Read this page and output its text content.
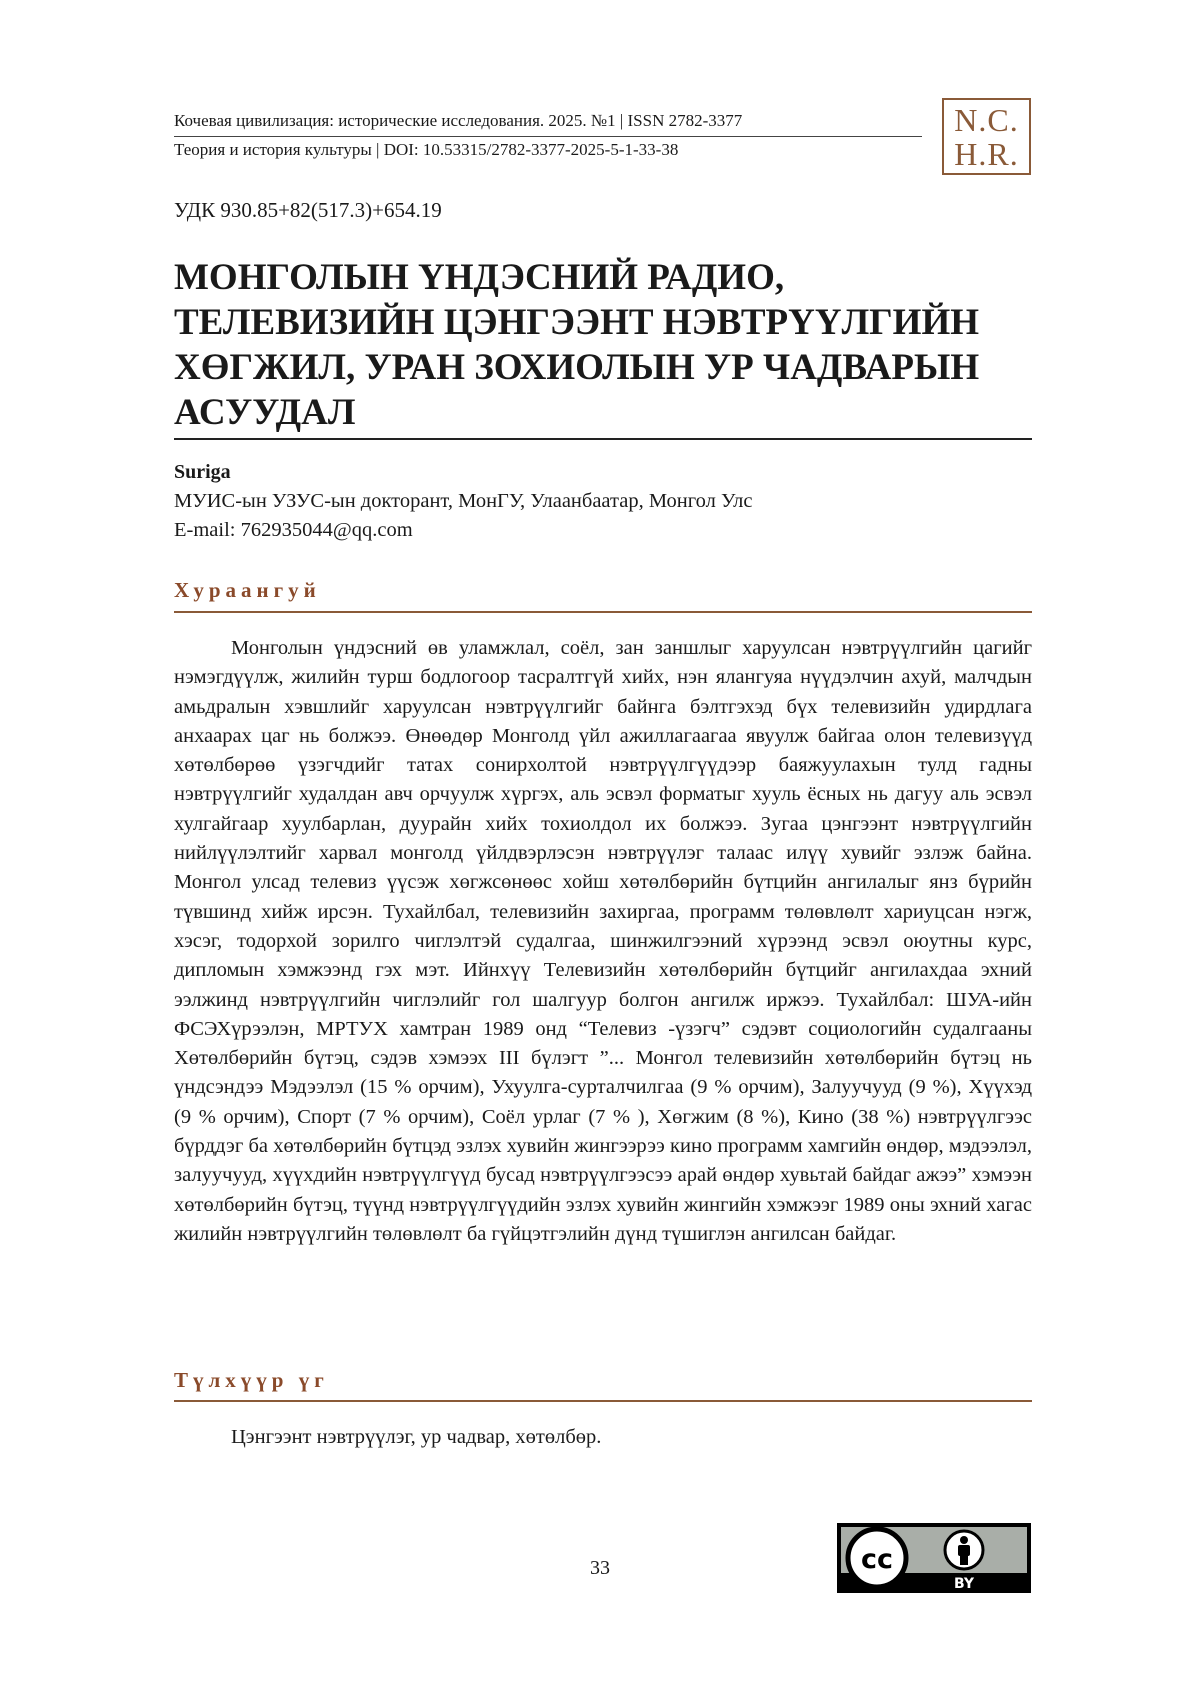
Кочевая цивилизация: исторические исследования. 2025. №1 | ISSN 2782-3377
Теория и история культуры | DOI: 10.53315/2782-3377-2025-5-1-33-38
N.C.
H.R.
УДК 930.85+82(517.3)+654.19
МОНГОЛЫН ҮНДЭСНИЙ РАДИО, ТЕЛЕВИЗИЙН ЦЭНГЭЭНТ НЭВТРҮҮЛГИЙН ХӨГЖИЛ, УРАН ЗОХИОЛЫН УР ЧАДВАРЫН АСУУДАЛ
Suriga
МУИС-ын УЗУС-ын докторант, МонГУ, Улаанбаатар, Монгол Улс
E-mail: 762935044@qq.com
Хураангуй

Монголын үндэсний өв уламжлал, соёл, зан заншлыг харуулсан нэвтрүүлгийн цагийг нэмэгдүүлж, жилийн турш бодлогоор тасралтгүй хийх, нэн ялангуяа нүүдэлчин ахуй, малчдын амьдралын хэвшлийг харуулсан нэвтрүүлгийг байнга бэлтгэхэд бүх телевизийн удирдлага анхаарах цаг нь болжээ. Өнөөдөр Монголд үйл ажиллагаагаа явуулж байгаа олон телевизүүд хөтөлбөрөө үзэгчдийг татах сонирхолтой нэвтрүүлгүүдээр баяжуулахын тулд гадны нэвтрүүлгийг худалдан авч орчуулж хүргэх, аль эсвэл форматыг хууль ёсных нь дагуу аль эсвэл хулгайгаар хуулбарлан, дуурайн хийх тохиолдол их болжээ. Зугаа цэнгээнт нэвтрүүлгийн нийлүүлэлтийг харвал монголд үйлдвэрлэсэн нэвтрүүлэг талаас илүү хувийг эзлэж байна. Монгол улсад телевиз үүсэж хөгжсөнөөс хойш хөтөлбөрийн бүтцийн ангилалыг янз бүрийн түвшинд хийж ирсэн. Тухайлбал, телевизийн захиргаа, программ төлөвлөлт хариуцсан нэгж, хэсэг, тодорхой зорилго чиглэлтэй судалгаа, шинжилгээний хүрээнд эсвэл оюутны курс, дипломын хэмжээнд гэх мэт. Ийнхүү Телевизийн хөтөлбөрийн бүтцийг ангилахдаа эхний ээлжинд нэвтрүүлгийн чиглэлийг гол шалгуур болгон ангилж иржээ. Тухайлбал: ШУА-ийн ФСЭХүрээлэн, МРТУХ хамтран 1989 онд “Телевиз -үзэгч” сэдэвт социологийн судалгааны Хөтөлбөрийн бүтэц, сэдэв хэмээх III бүлэгт ”... Монгол телевизийн хөтөлбөрийн бүтэц нь үндсэндээ Мэдээлэл (15 % орчим), Ухуулга-сурталчилгаа (9 % орчим), Залуучууд (9 %), Хүүхэд (9 % орчим), Спорт (7 % орчим), Соёл урлаг (7 % ), Хөгжим (8 %), Кино (38 %) нэвтрүүлгээс бүрддэг ба хөтөлбөрийн бүтцэд эзлэх хувийн жингээрээ кино программ хамгийн өндөр, мэдээлэл, залуучууд, хүүхдийн нэвтрүүлгүүд бусад нэвтрүүлгээсээ арай өндөр хувьтай байдаг ажээ” хэмээн хөтөлбөрийн бүтэц, түүнд нэвтрүүлгүүдийн эзлэх хувийн жингийн хэмжээг 1989 оны эхний хагас жилийн нэвтрүүлгийн төлөвлөлт ба гүйцэтгэлийн дүнд түшиглэн ангилсан байдаг.

Түлхүүр үг
Цэнгээнт нэвтрүүлэг, ур чадвар, хөтөлбөр.
33	cc
BY
